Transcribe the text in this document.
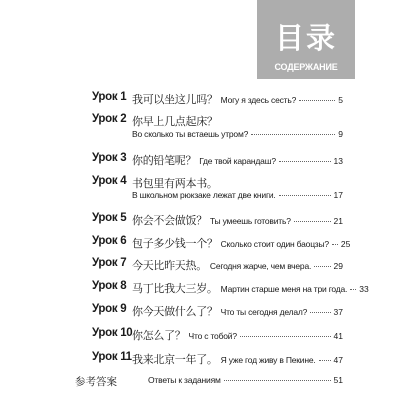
目录
СОДЕРЖАНИЕ
Урок 1 我可以坐这儿吗？ Могу я здесь сесть?	5
Урок 2 你早上几点起床？
Во сколько ты встаешь утром?	9
Урок 3 你的铅笔呢？ Где твой карандаш?	13
Урок 4 书包里有两本书。
В школьном рюкзаке лежат две книги.	17
Урок 5 你会不会做饭？ Ты умеешь готовить?	21
Урок 6 包子多少钱一个？ Сколько стоит один баоцзы? 25
Урок 7 今天比昨天热。 Сегодня жарче, чем вчера.	29
Урок 8 马丁比我大三岁。 Мартин старше меня на три года. 33
Урок 9 你今天做什么了？ Что ты сегодня делал?	37
Урок 10 你怎么了？ Что с тобой?	41
Урок 11 我来北京一年了。 Я уже год живу в Пекине. 47
参考答案	Ответы к заданиям	51
